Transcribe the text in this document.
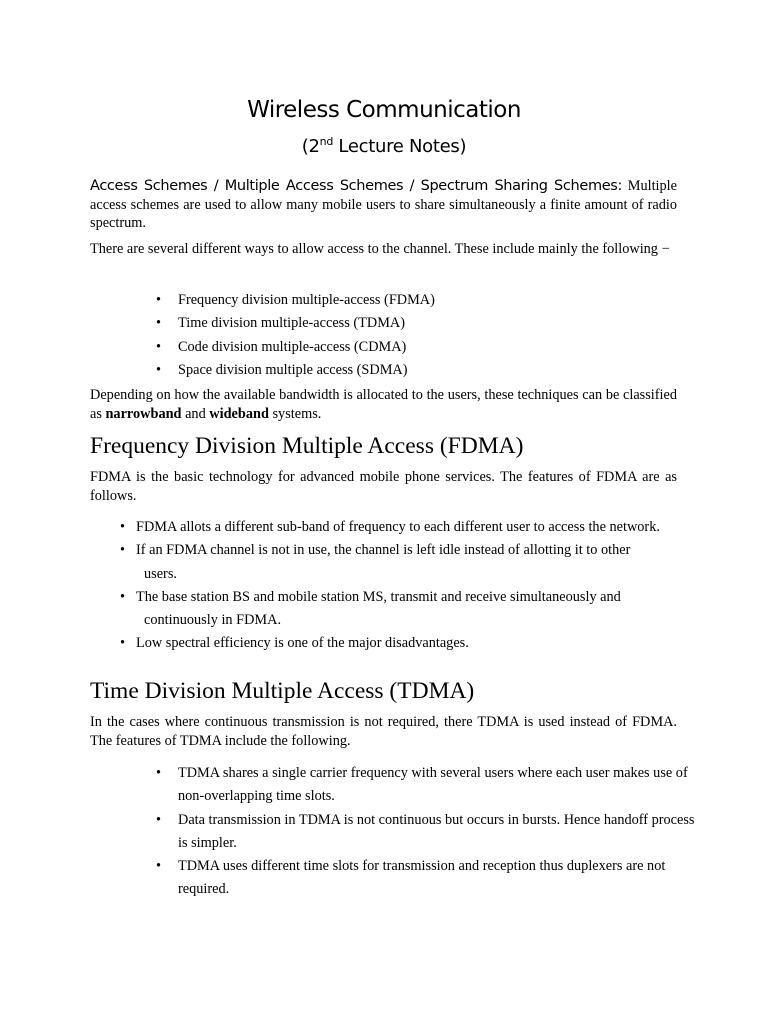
Wireless Communication
(2nd Lecture Notes)

Access Schemes / Multiple Access Schemes / Spectrum Sharing Schemes: Multiple access schemes are used to allow many mobile users to share simultaneously a finite amount of radio spectrum.

There are several different ways to allow access to the channel. These include mainly the following −

• Frequency division multiple-access (FDMA)
• Time division multiple-access (TDMA)
• Code division multiple-access (CDMA)
• Space division multiple access (SDMA)

Depending on how the available bandwidth is allocated to the users, these techniques can be classified as narrowband and wideband systems.

Frequency Division Multiple Access (FDMA)

FDMA is the basic technology for advanced mobile phone services. The features of FDMA are as follows.

• FDMA allots a different sub-band of frequency to each different user to access the network.
• If an FDMA channel is not in use, the channel is left idle instead of allotting it to other
users.
• The base station BS and mobile station MS, transmit and receive simultaneously and
continuously in FDMA.
• Low spectral efficiency is one of the major disadvantages.
Time Division Multiple Access (TDMA)

In the cases where continuous transmission is not required, there TDMA is used instead of FDMA. The features of TDMA include the following.

• TDMA shares a single carrier frequency with several users where each user makes use of non-overlapping time slots.
• Data transmission in TDMA is not continuous but occurs in bursts. Hence handoff process is simpler.
• TDMA uses different time slots for transmission and reception thus duplexers are not required.
